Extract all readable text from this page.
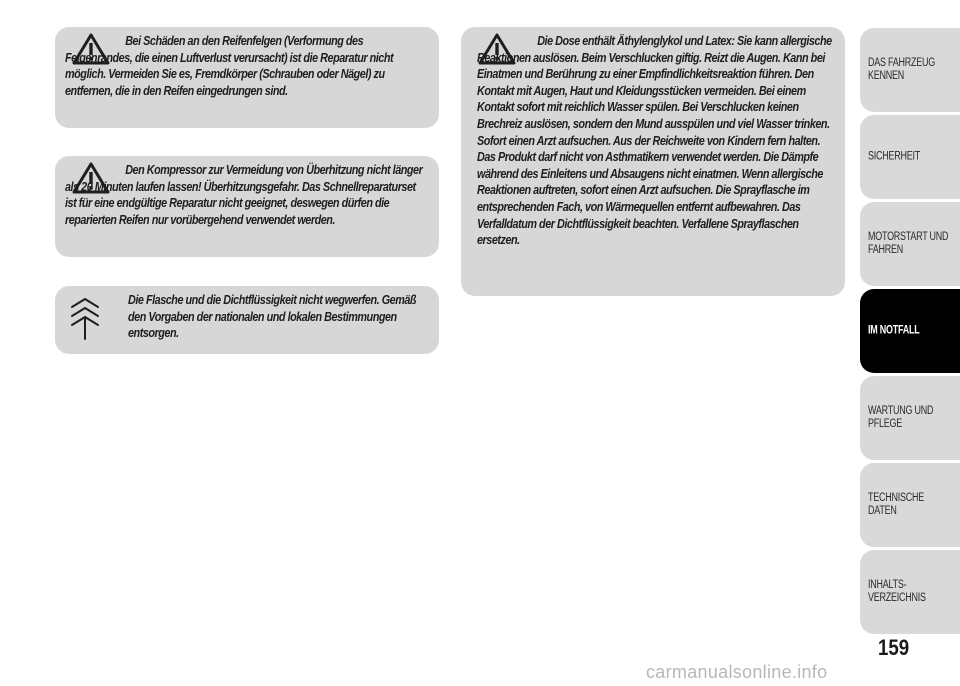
Bei Schäden an den Reifenfelgen (Verformung des Felgenrandes, die einen Luftverlust verursacht) ist die Reparatur nicht möglich. Vermeiden Sie es, Fremdkörper (Schrauben oder Nägel) zu entfernen, die in den Reifen eingedrungen sind.

Den Kompressor zur Vermeidung von Überhitzung nicht länger als 20 Minuten laufen lassen! Überhitzungsgefahr. Das Schnellreparaturset ist für eine endgültige Reparatur nicht geeignet, deswegen dürfen die reparierten Reifen nur vorübergehend verwendet werden.

Die Flasche und die Dichtflüssigkeit nicht wegwerfen. Gemäß den Vorgaben der nationalen und lokalen Bestimmungen entsorgen.

Die Dose enthält Äthylenglykol und Latex: Sie kann allergische Reaktionen auslösen. Beim Verschlucken giftig. Reizt die Augen. Kann bei Einatmen und Berührung zu einer Empfindlichkeitsreaktion führen. Den Kontakt mit Augen, Haut und Kleidungsstücken vermeiden. Bei einem Kontakt sofort mit reichlich Wasser spülen. Bei Verschlucken keinen Brechreiz auslösen, sondern den Mund ausspülen und viel Wasser trinken. Sofort einen Arzt aufsuchen. Aus der Reichweite von Kindern fern halten. Das Produkt darf nicht von Asthmatikern verwendet werden. Die Dämpfe während des Einleitens und Absaugens nicht einatmen. Wenn allergische Reaktionen auftreten, sofort einen Arzt aufsuchen. Die Sprayflasche im entsprechenden Fach, von Wärmequellen entfernt aufbewahren. Das Verfalldatum der Dichtflüssigkeit beachten. Verfallene Sprayflaschen ersetzen.

DAS FAHRZEUG
KENNEN
SICHERHEIT
MOTORSTART UND
FAHREN
IM NOTFALL
WARTUNG UND
PFLEGE
TECHNISCHE DATEN
INHALTS-
VERZEICHNIS
159
carmanualsonline.info
